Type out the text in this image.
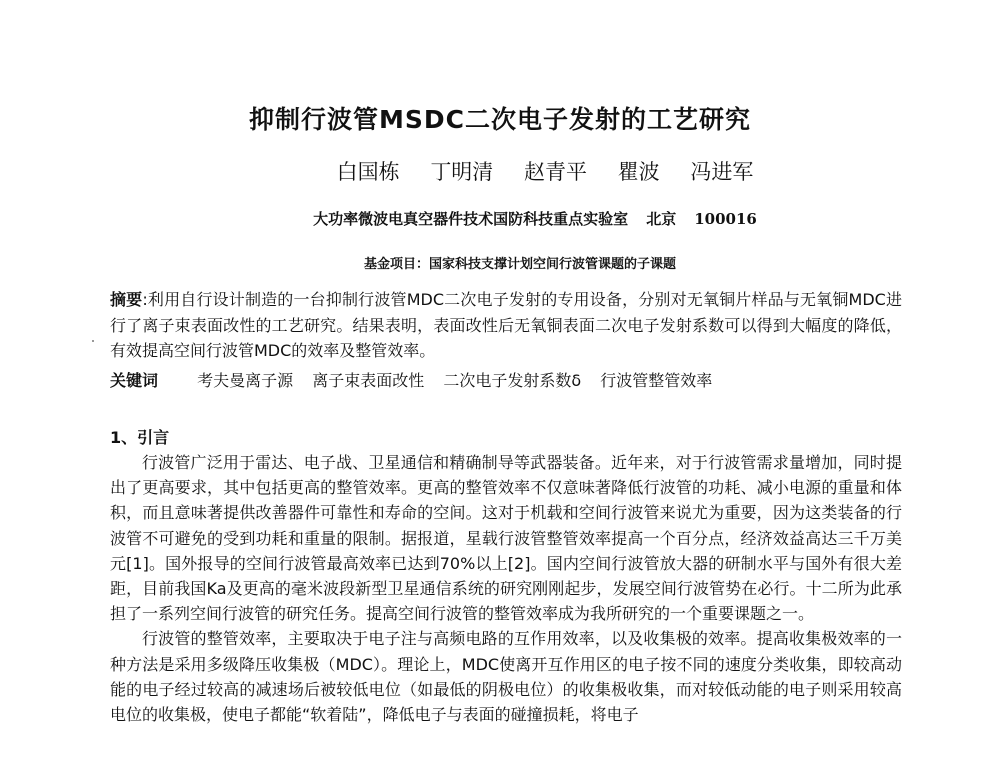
抑制行波管MSDC二次电子发射的工艺研究
白国栋 丁明清 赵青平 瞿波 冯进军
大功率微波电真空器件技术国防科技重点实验室 北京 100016
基金项目：国家科技支撑计划空间行波管课题的子课题
摘要:利用自行设计制造的一台抑制行波管MDC二次电子发射的专用设备，分别对无氧铜片样品与无氧铜MDC进行了离子束表面改性的工艺研究。结果表明，表面改性后无氧铜表面二次电子发射系数可以得到大幅度的降低，有效提高空间行波管MDC的效率及整管效率。
关键词 考夫曼离子源 离子束表面改性 二次电子发射系数δ 行波管整管效率
1、引言

行波管广泛用于雷达、电子战、卫星通信和精确制导等武器装备。近年来，对于行波管需求量增加，同时提出了更高要求，其中包括更高的整管效率。更高的整管效率不仅意味著降低行波管的功耗、减小电源的重量和体积，而且意味著提供改善器件可靠性和寿命的空间。这对于机载和空间行波管来说尤为重要，因为这类装备的行波管不可避免的受到功耗和重量的限制。据报道，星载行波管整管效率提高一个百分点，经济效益高达三千万美元[1]。国外报导的空间行波管最高效率已达到70%以上[2]。国内空间行波管放大器的研制水平与国外有很大差距，目前我国Ka及更高的毫米波段新型卫星通信系统的研究刚刚起步，发展空间行波管势在必行。十二所为此承担了一系列空间行波管的研究任务。提高空间行波管的整管效率成为我所研究的一个重要课题之一。

行波管的整管效率，主要取决于电子注与高频电路的互作用效率，以及收集极的效率。提高收集极效率的一种方法是采用多级降压收集极（MDC）。理论上，MDC使离开互作用区的电子按不同的速度分类收集，即较高动能的电子经过较高的减速场后被较低电位（如最低的阴极电位）的收集极收集，而对较低动能的电子则采用较高电位的收集极，使电子都能“软着陆”，降低电子与表面的碰撞损耗，将电子
